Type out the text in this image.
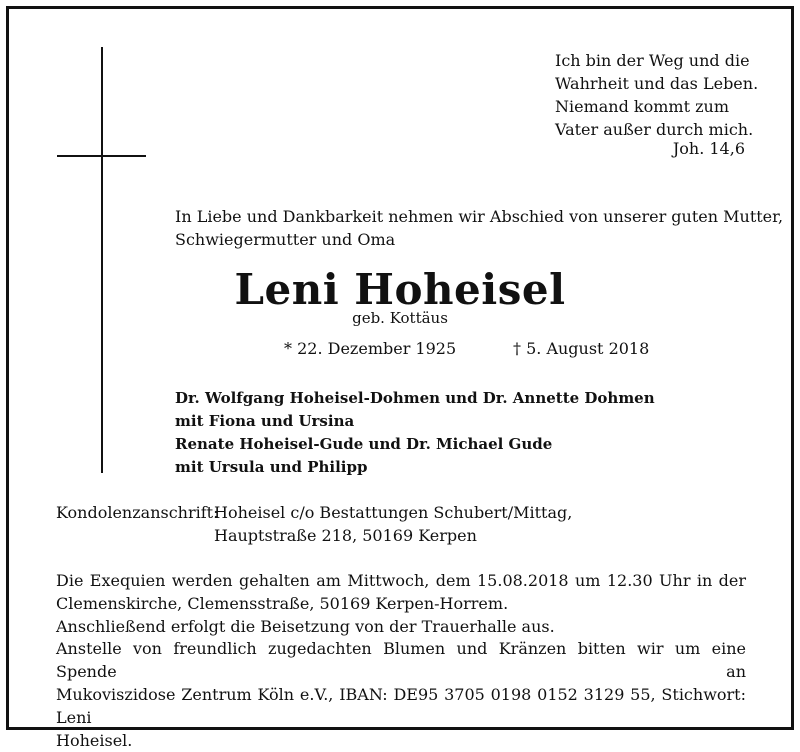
Ich bin der Weg und die
Wahrheit und das Leben.
Niemand kommt zum
Vater außer durch mich.
Joh. 14,6
In Liebe und Dankbarkeit nehmen wir Abschied von unserer guten Mutter,
Schwiegermutter und Oma
Leni Hoheisel
geb. Kottäus
* 22. Dezember 1925	† 5. August 2018
Dr. Wolfgang Hoheisel-Dohmen und Dr. Annette Dohmen
mit Fiona und Ursina
Renate Hoheisel-Gude und Dr. Michael Gude
mit Ursula und Philipp
Kondolenzanschrift:
Hoheisel c/o Bestattungen Schubert/Mittag,
Hauptstraße 218, 50169 Kerpen
Die Exequien werden gehalten am Mittwoch, dem 15.08.2018 um 12.30 Uhr in der
Clemenskirche, Clemensstraße, 50169 Kerpen-Horrem.
Anschließend erfolgt die Beisetzung von der Trauerhalle aus.
Anstelle von freundlich zugedachten Blumen und Kränzen bitten wir um eine Spende an
Mukoviszidose Zentrum Köln e.V., IBAN: DE95 3705 0198 0152 3129 55, Stichwort: Leni
Hoheisel.
